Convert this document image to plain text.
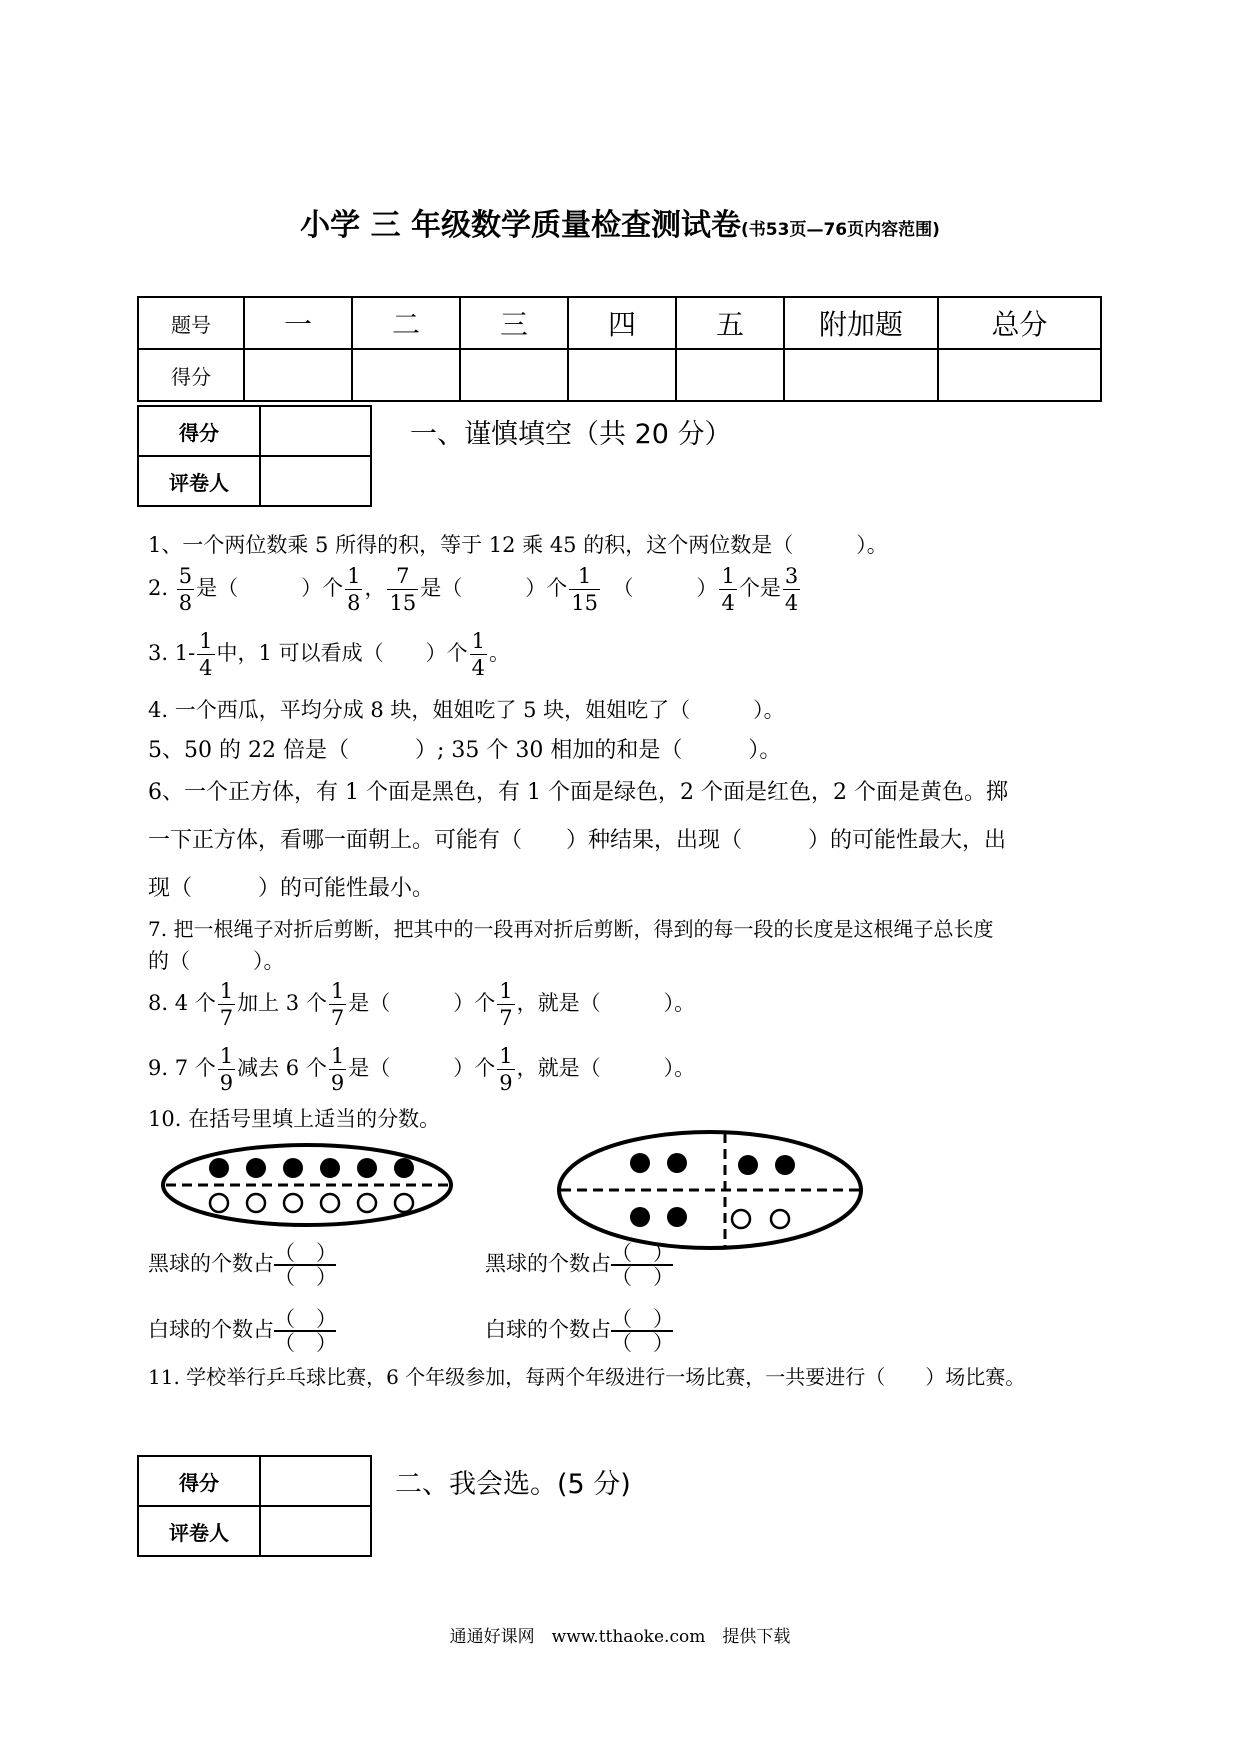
小学 三 年级数学质量检查测试卷(书53页—76页内容范围)
题号	一	二	三	四	五	附加题	总分
得分							
得分	
评卷人	
一、谨慎填空（共 20 分）
1、一个两位数乘 5 所得的积，等于 12 乘 45 的积，这个两位数是（　　　）。
2. $\frac{5}{8}$ 是（　　　）个 $\frac{1}{8}$ ， $\frac{7}{15}$ 是（　　　）个 $\frac{1}{15}$
　 （　　　） $\frac{1}{4}$ 个是 $\frac{3}{4}$
3. $1- \frac{1}{4}$ 中，1 可以看成（　　）个 $\frac{1}{4}$ 。
4. 一个西瓜，平均分成 8 块，姐姐吃了 5 块，姐姐吃了（　　　）。
5、50 的 22 倍是（　　　）; 35 个 30 相加的和是（　　　）。
6、一个正方体，有 1 个面是黑色，有 1 个面是绿色，2 个面是红色，2 个面是黄色。掷
一下正方体，看哪一面朝上。可能有（　　）种结果，出现（　　　）的可能性最大，出
现（　　　）的可能性最小。
7. 把一根绳子对折后剪断，把其中的一段再对折后剪断，得到的每一段的长度是这根绳子总长度
的（　　　）。
8. 4 个 $\frac{1}{7}$ 加上 3 个 $\frac{1}{7}$ 是（　　　）个 $\frac{1}{7}$ ，就是（　　　）。
9. 7 个 $\frac{1}{9}$ 减去 6 个 $\frac{1}{9}$ 是（　　　）个 $\frac{1}{9}$ ，就是（　　　）。
10. 在括号里填上适当的分数。
黑球的个数占 （　）
（　）
白球的个数占 （　）
（　）
黑球的个数占 （　）
（　）
白球的个数占 （　）
（　）
11. 学校举行乒乓球比赛，6 个年级参加，每两个年级进行一场比赛，一共要进行（　　）场比赛。
得分	
评卷人	
二、我会选。(5 分)
通通好课网　www.tthaoke.com　提供下载
